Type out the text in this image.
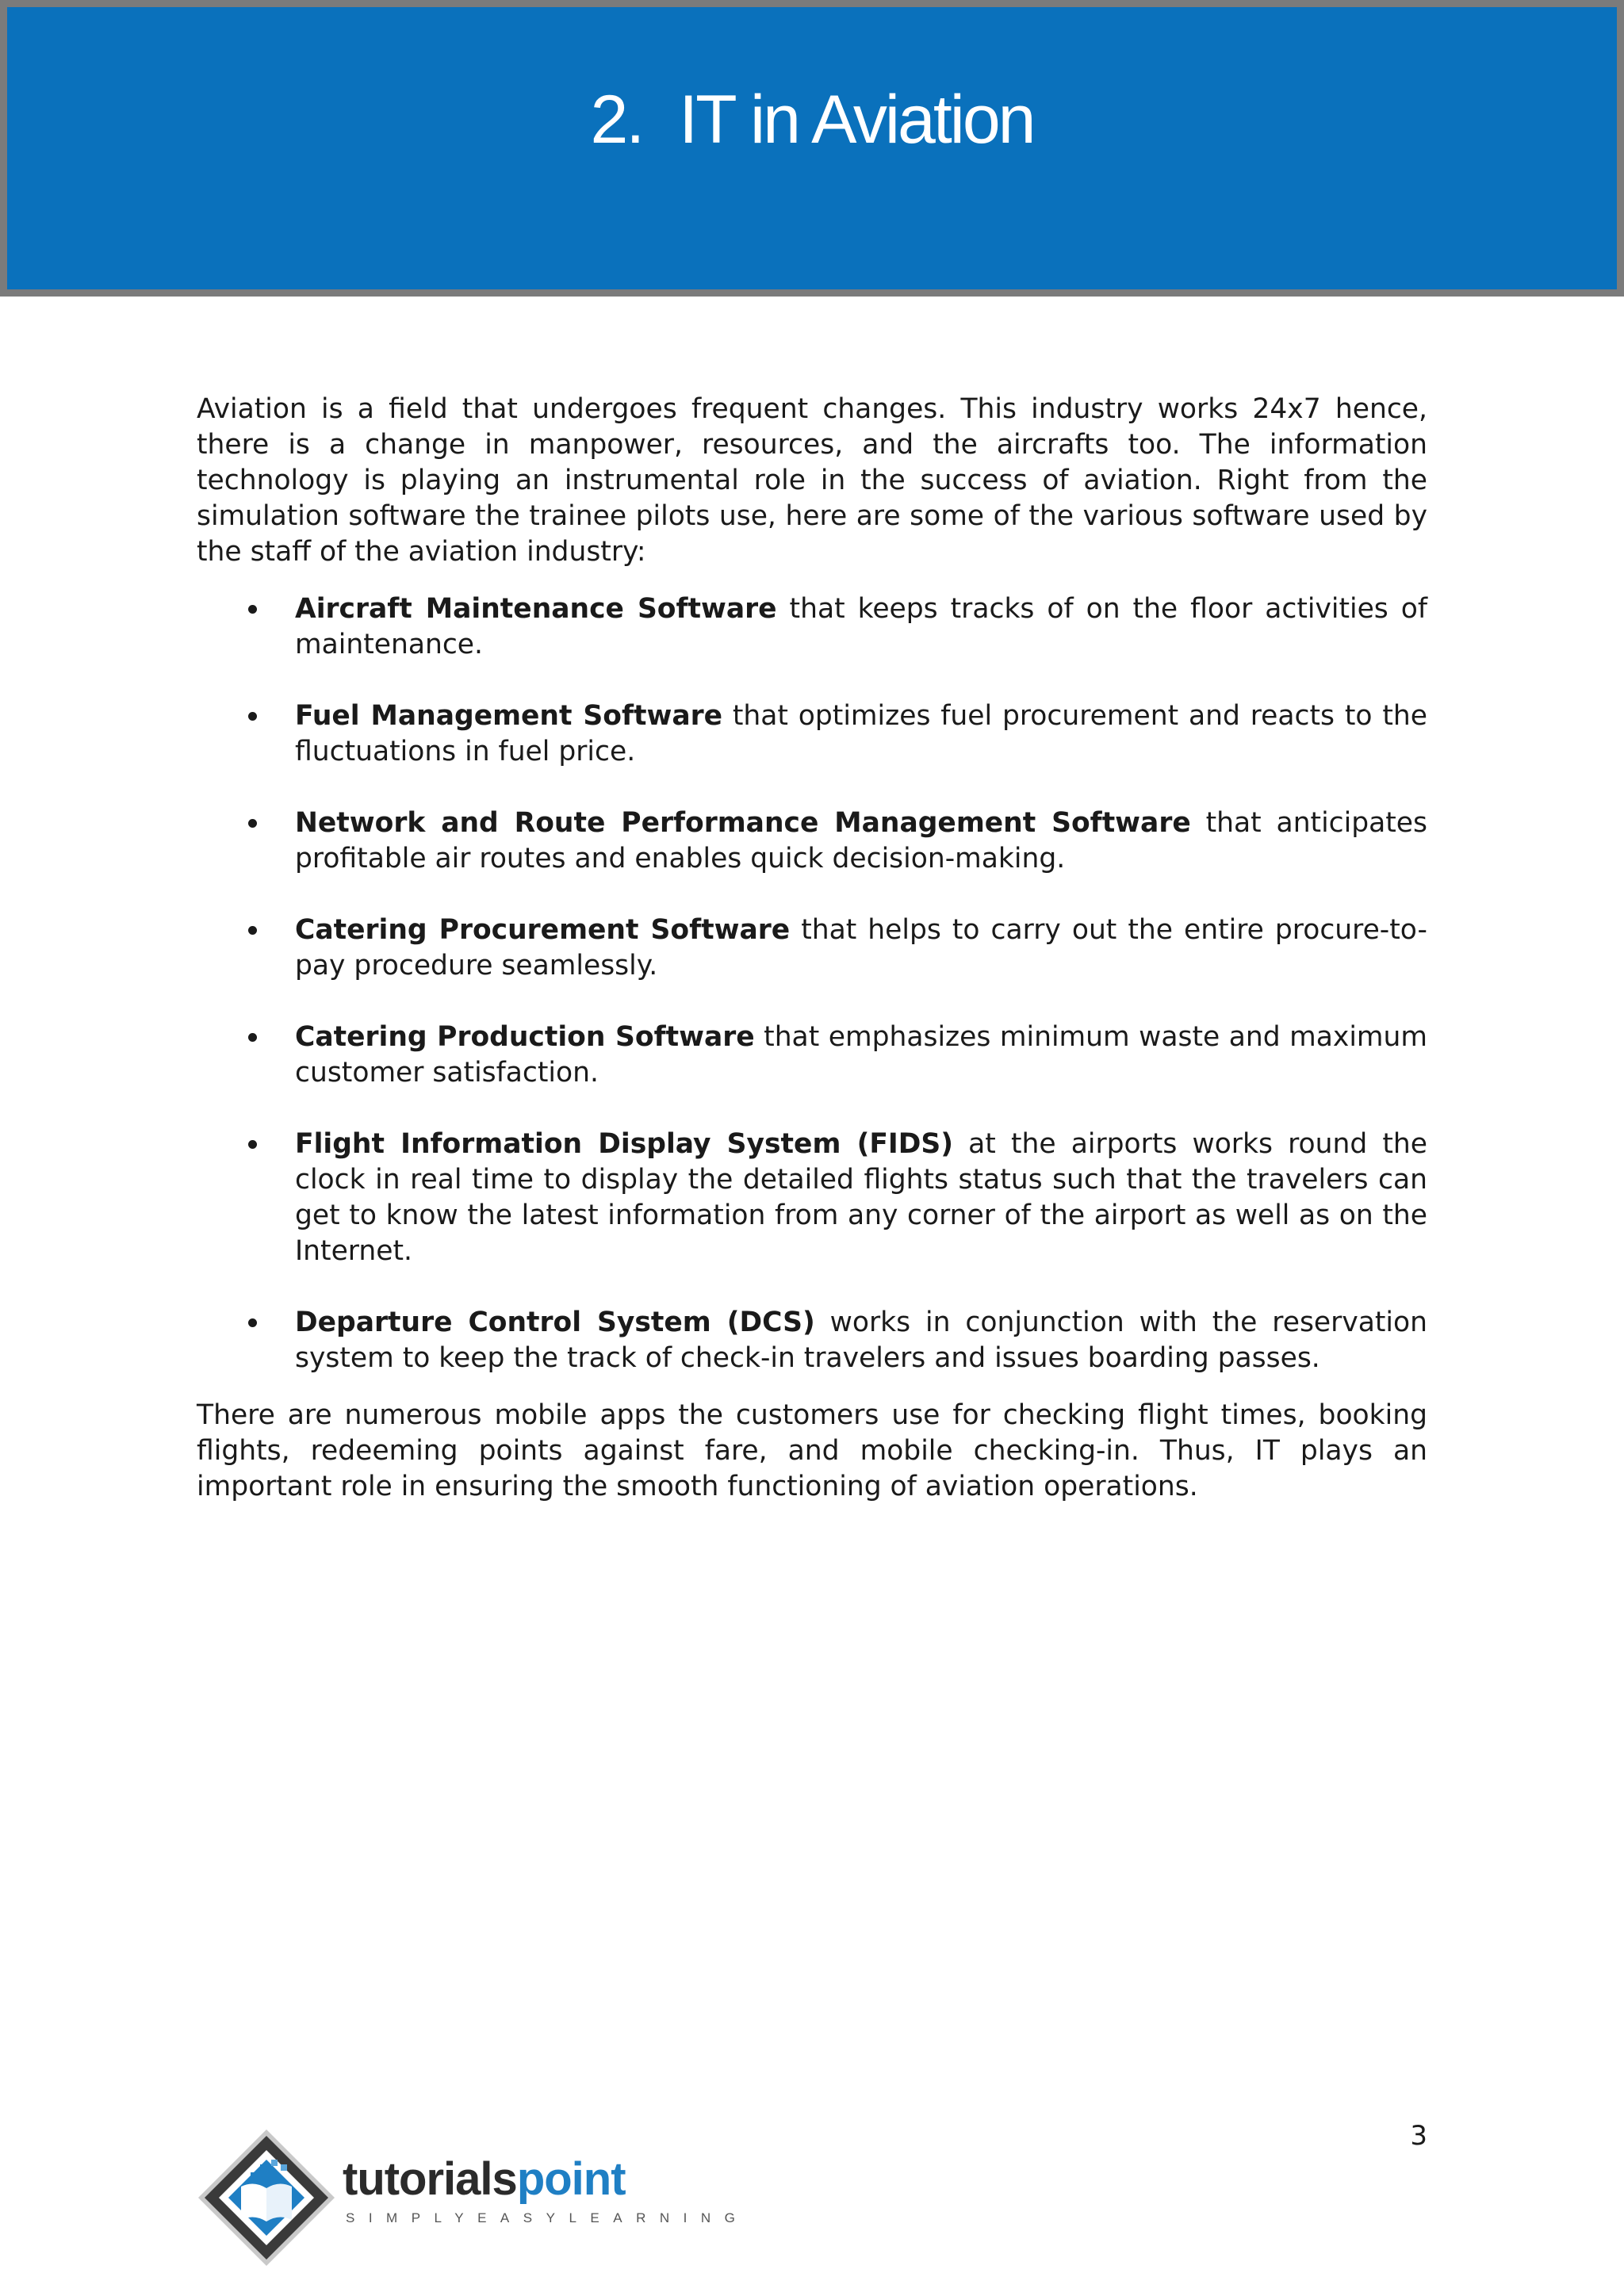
2. IT in Aviation

Aviation is a field that undergoes frequent changes. This industry works 24x7 hence, there is a change in manpower, resources, and the aircrafts too. The information technology is playing an instrumental role in the success of aviation. Right from the simulation software the trainee pilots use, here are some of the various software used by the staff of the aviation industry:

Aircraft Maintenance Software that keeps tracks of on the floor activities of maintenance.
Fuel Management Software that optimizes fuel procurement and reacts to the fluctuations in fuel price.
Network and Route Performance Management Software that anticipates profitable air routes and enables quick decision-making.
Catering Procurement Software that helps to carry out the entire procure-to-pay procedure seamlessly.
Catering Production Software that emphasizes minimum waste and maximum customer satisfaction.
Flight Information Display System (FIDS) at the airports works round the clock in real time to display the detailed flights status such that the travelers can get to know the latest information from any corner of the airport as well as on the Internet.
Departure Control System (DCS) works in conjunction with the reservation system to keep the track of check-in travelers and issues boarding passes.

There are numerous mobile apps the customers use for checking flight times, booking flights, redeeming points against fare, and mobile checking-in. Thus, IT plays an important role in ensuring the smooth functioning of aviation operations.

3
tutorialspoint
SIMPLYEASYLEARNING
